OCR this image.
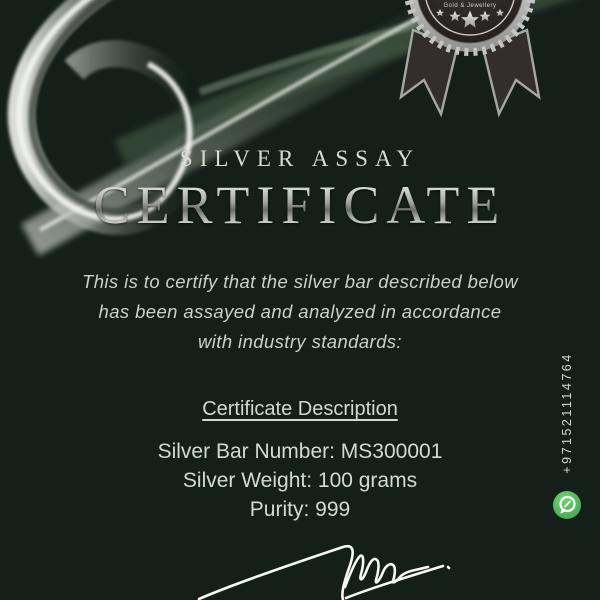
Gold & Jewellery
SILVER ASSAY
CERTIFICATE
This is to certify that the silver bar described below
has been assayed and analyzed in accordance
with industry standards:
Certificate Description
Silver Bar Number: MS300001
Silver Weight: 100 grams
Purity: 999
+971521114764
